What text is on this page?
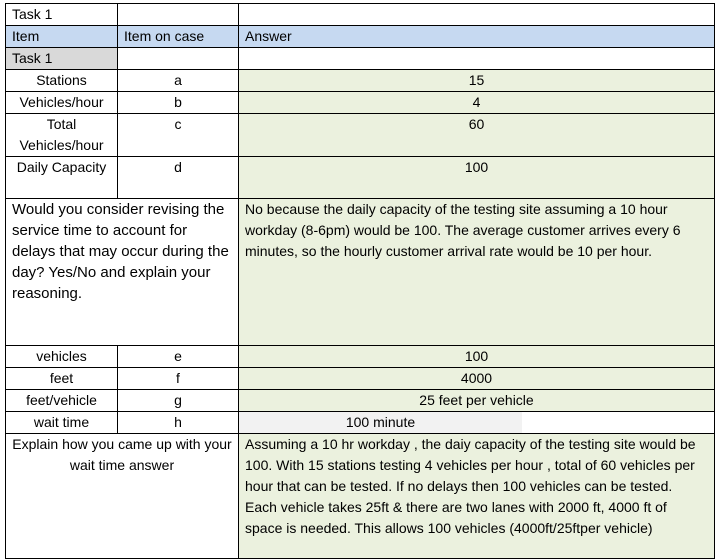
Task 1		
Item	Item on case	Answer
Task 1		
Stations	a	15
Vehicles/hour	b	4
Total Vehicles/hour	c	60
Daily Capacity	d	100
Would you consider revising the service time to account for delays that may occur during the day? Yes/No and explain your reasoning.		No because the daily capacity of the testing site assuming a 10 hour workday (8-6pm) would be 100. The average customer arrives every 6 minutes, so the hourly customer arrival rate would be 10 per hour.
vehicles	e	100
feet	f	4000
feet/vehicle	g	25 feet per vehicle
wait time	h	100 minute

Explain how you came up with your wait time answer		Assuming a 10 hr workday , the daiy capacity of the testing site would be 100. With 15 stations testing 4 vehicles per hour , total of 60 vehicles per hour that can be tested. If no delays then 100 vehicles can be tested. Each vehicle takes 25ft & there are two lanes with 2000 ft, 4000 ft of space is needed. This allows 100 vehicles (4000ft/25ftper vehicle)
